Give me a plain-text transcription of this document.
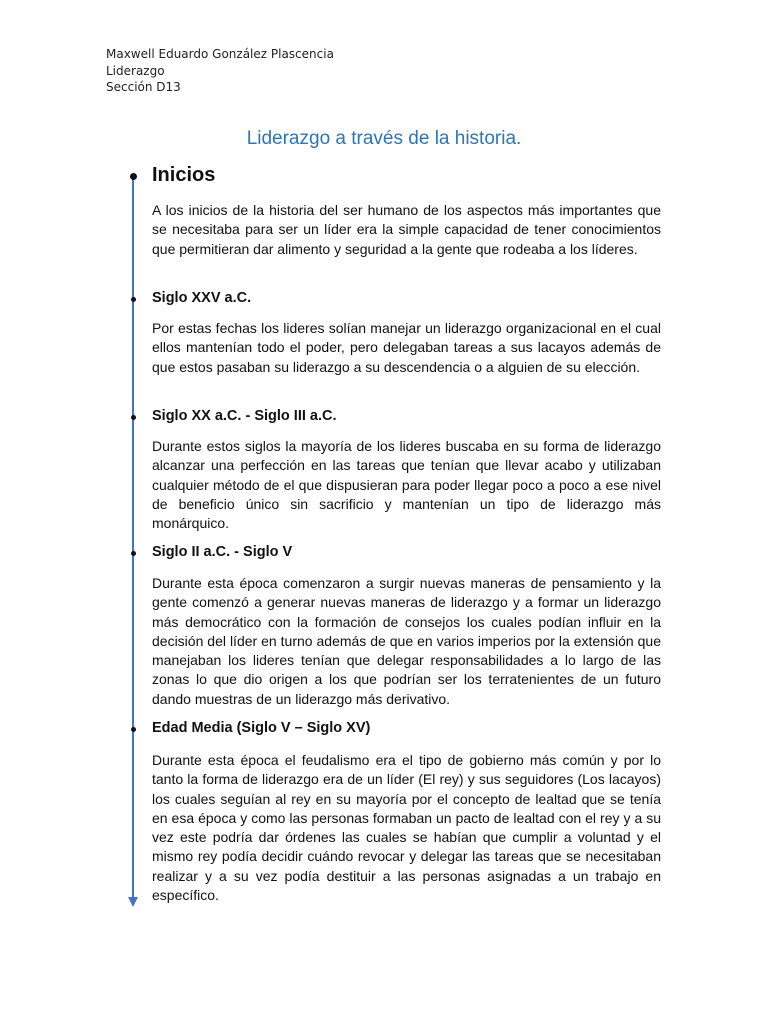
Maxwell Eduardo González Plascencia
Liderazgo
Sección D13
Liderazgo a través de la historia.
Inicios
A los inicios de la historia del ser humano de los aspectos más importantes que se necesitaba para ser un líder era la simple capacidad de tener conocimientos que permitieran dar alimento y seguridad a la gente que rodeaba a los líderes.
Siglo XXV a.C.
Por estas fechas los lideres solían manejar un liderazgo organizacional en el cual ellos mantenían todo el poder, pero delegaban tareas a sus lacayos además de que estos pasaban su liderazgo a su descendencia o a alguien de su elección.
Siglo XX a.C. - Siglo III a.C.
Durante estos siglos la mayoría de los lideres buscaba en su forma de liderazgo alcanzar una perfección en las tareas que tenían que llevar acabo y utilizaban cualquier método de el que dispusieran para poder llegar poco a poco a ese nivel de beneficio único sin sacrificio y mantenían un tipo de liderazgo más monárquico.
Siglo II a.C. - Siglo V
Durante esta época comenzaron a surgir nuevas maneras de pensamiento y la gente comenzó a generar nuevas maneras de liderazgo y a formar un liderazgo más democrático con la formación de consejos los cuales podían influir en la decisión del líder en turno además de que en varios imperios por la extensión que manejaban los lideres tenían que delegar responsabilidades a lo largo de las zonas lo que dio origen a los que podrían ser los terratenientes de un futuro dando muestras de un liderazgo más derivativo.
Edad Media (Siglo V – Siglo XV)
Durante esta época el feudalismo era el tipo de gobierno más común y por lo tanto la forma de liderazgo era de un líder (El rey) y sus seguidores (Los lacayos) los cuales seguían al rey en su mayoría por el concepto de lealtad que se tenía en esa época y como las personas formaban un pacto de lealtad con el rey y a su vez este podría dar órdenes las cuales se habían que cumplir a voluntad y el mismo rey podía decidir cuándo revocar y delegar las tareas que se necesitaban realizar y a su vez podía destituir a las personas asignadas a un trabajo en específico.
